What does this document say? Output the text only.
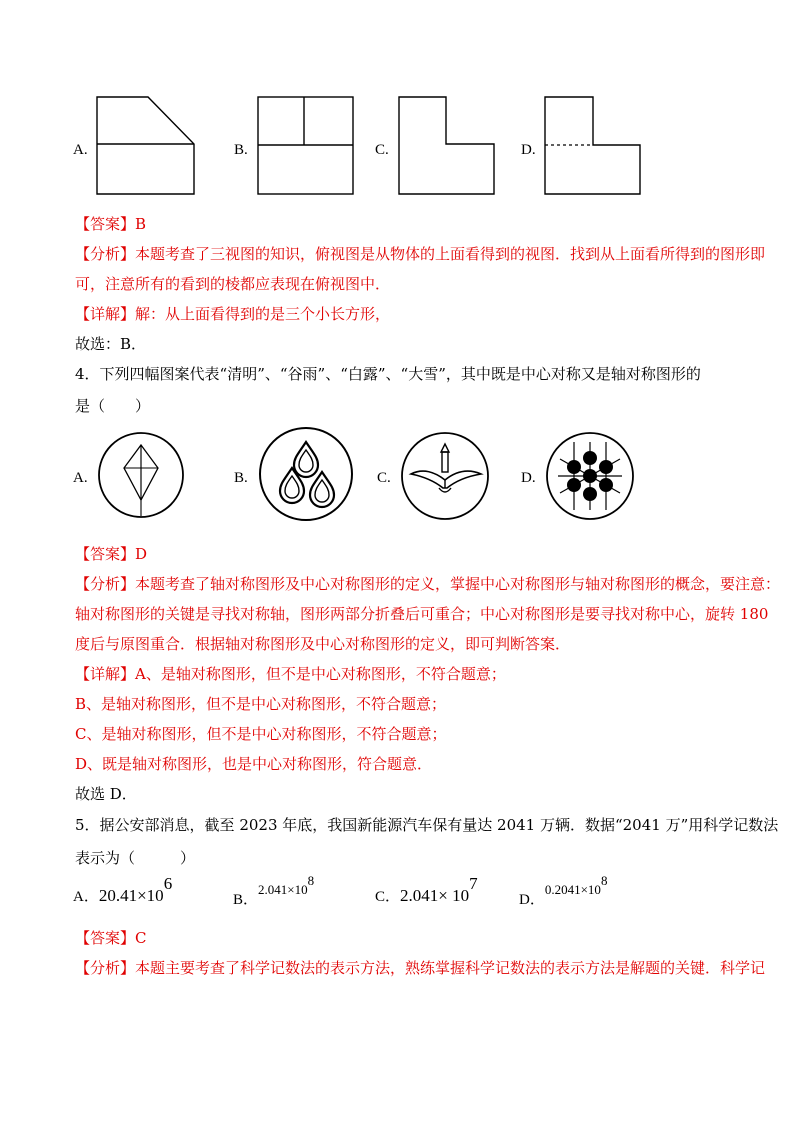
A.	B.	C.	D.
【答案】B
【分析】本题考查了三视图的知识，俯视图是从物体的上面看得到的视图．找到从上面看所得到的图形即
可，注意所有的看到的棱都应表现在俯视图中．
【详解】解：从上面看得到的是三个小长方形，
故选：B．
4．下列四幅图案代表“清明”、“谷雨”、“白露”、“大雪”，其中既是中心对称又是轴对称图形的
是（　　）
A.	B.	C.	D.
【答案】D
【分析】本题考查了轴对称图形及中心对称图形的定义，掌握中心对称图形与轴对称图形的概念，要注意：
轴对称图形的关键是寻找对称轴，图形两部分折叠后可重合；中心对称图形是要寻找对称中心，旋转 180
度后与原图重合．根据轴对称图形及中心对称图形的定义，即可判断答案．
【详解】A、是轴对称图形，但不是中心对称图形，不符合题意；
B、是轴对称图形，但不是中心对称图形，不符合题意；
C、是轴对称图形，但不是中心对称图形，不符合题意；
D、既是轴对称图形，也是中心对称图形，符合题意．
故选 D．
5．据公安部消息，截至 2023 年底，我国新能源汽车保有量达 2041 万辆．数据“2041 万”用科学记数法
表示为（　　　）
A．$20.41\times 10^6$
B．$2.041\times 10^8$
C．$2.041\times 10^7$
D．$0.2041\times 10^8$
【答案】C
【分析】本题主要考查了科学记数法的表示方法，熟练掌握科学记数法的表示方法是解题的关键．科学记
